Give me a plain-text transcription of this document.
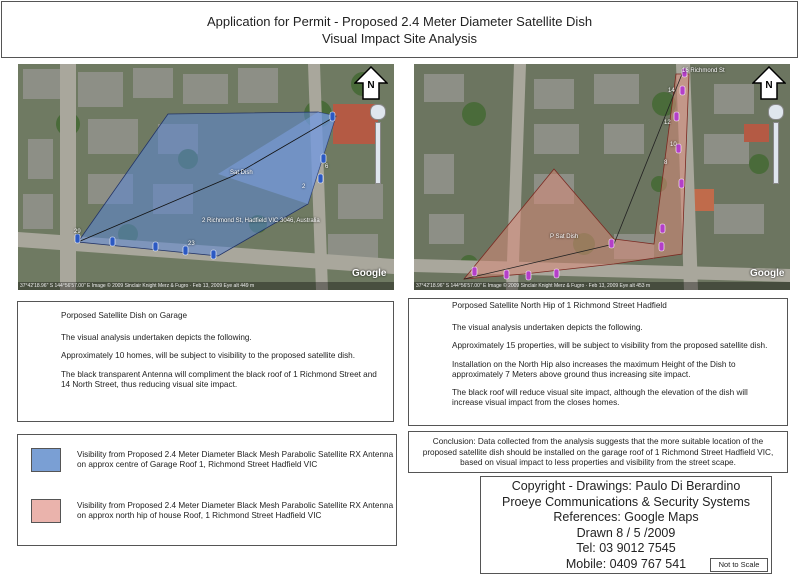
Application for Permit - Proposed 2.4 Meter Diameter Satellite Dish
Visual Impact Site Analysis
2 Richmond St, Hadfield VIC 3046, Australia
Sat Dish
29
23
2
6
N
Google
37°42'18.96" S 144°56'57.00" E Image © 2009 Sinclair Knight Merz & Fugro · Feb 13, 2009 Eye alt 449 m
16 Richmond St
P Sat Dish
14
12
10
8
N
Google
37°42'18.96" S 144°56'57.00" E Image © 2009 Sinclair Knight Merz & Fugro · Feb 13, 2009 Eye alt 453 m

Porposed Satellite Dish on Garage

The visual analysis undertaken depicts the following.

Approximately 10 homes, will be subject to visibility to the proposed satellite dish.

The black transparent Antenna will compliment the black roof of 1 Richmond Street and 14 North Street, thus reducing visual site impact.

Porposed Satellite North Hip of 1 Richmond Street Hadfield

The visual analysis undertaken depicts the following.

Approximately 15 properties, will be subject to visibility from the proposed satellite dish.

Installation on the North Hip also increases the maximum Height of the Dish to approximately 7 Meters above ground thus increasing site impact.

The black roof will reduce visual site impact, although the elevation of the dish will increase visual impact from the closes homes.

Visibility from Proposed 2.4 Meter Diameter Black Mesh Parabolic Satellite RX Antenna on approx centre of Garage Roof 1, Richmond Street Hadfield VIC
Visibility from Proposed 2.4 Meter Diameter Black Mesh Parabolic Satellite RX Antenna on approx north hip of house Roof, 1 Richmond Street Hadfield VIC
Conclusion: Data collected from the analysis suggests that the more suitable location of the proposed satellite dish should be installed on the garage roof of 1 Richmond Street Hadfield VIC, based on visual impact to less properties and visibility from the street scape.
Copyright - Drawings: Paulo Di Berardino
Proeye Communications & Security Systems
References: Google Maps
Drawn 8 / 5 /2009
Tel: 03 9012 7545
Mobile: 0409 767 541	Not to Scale
